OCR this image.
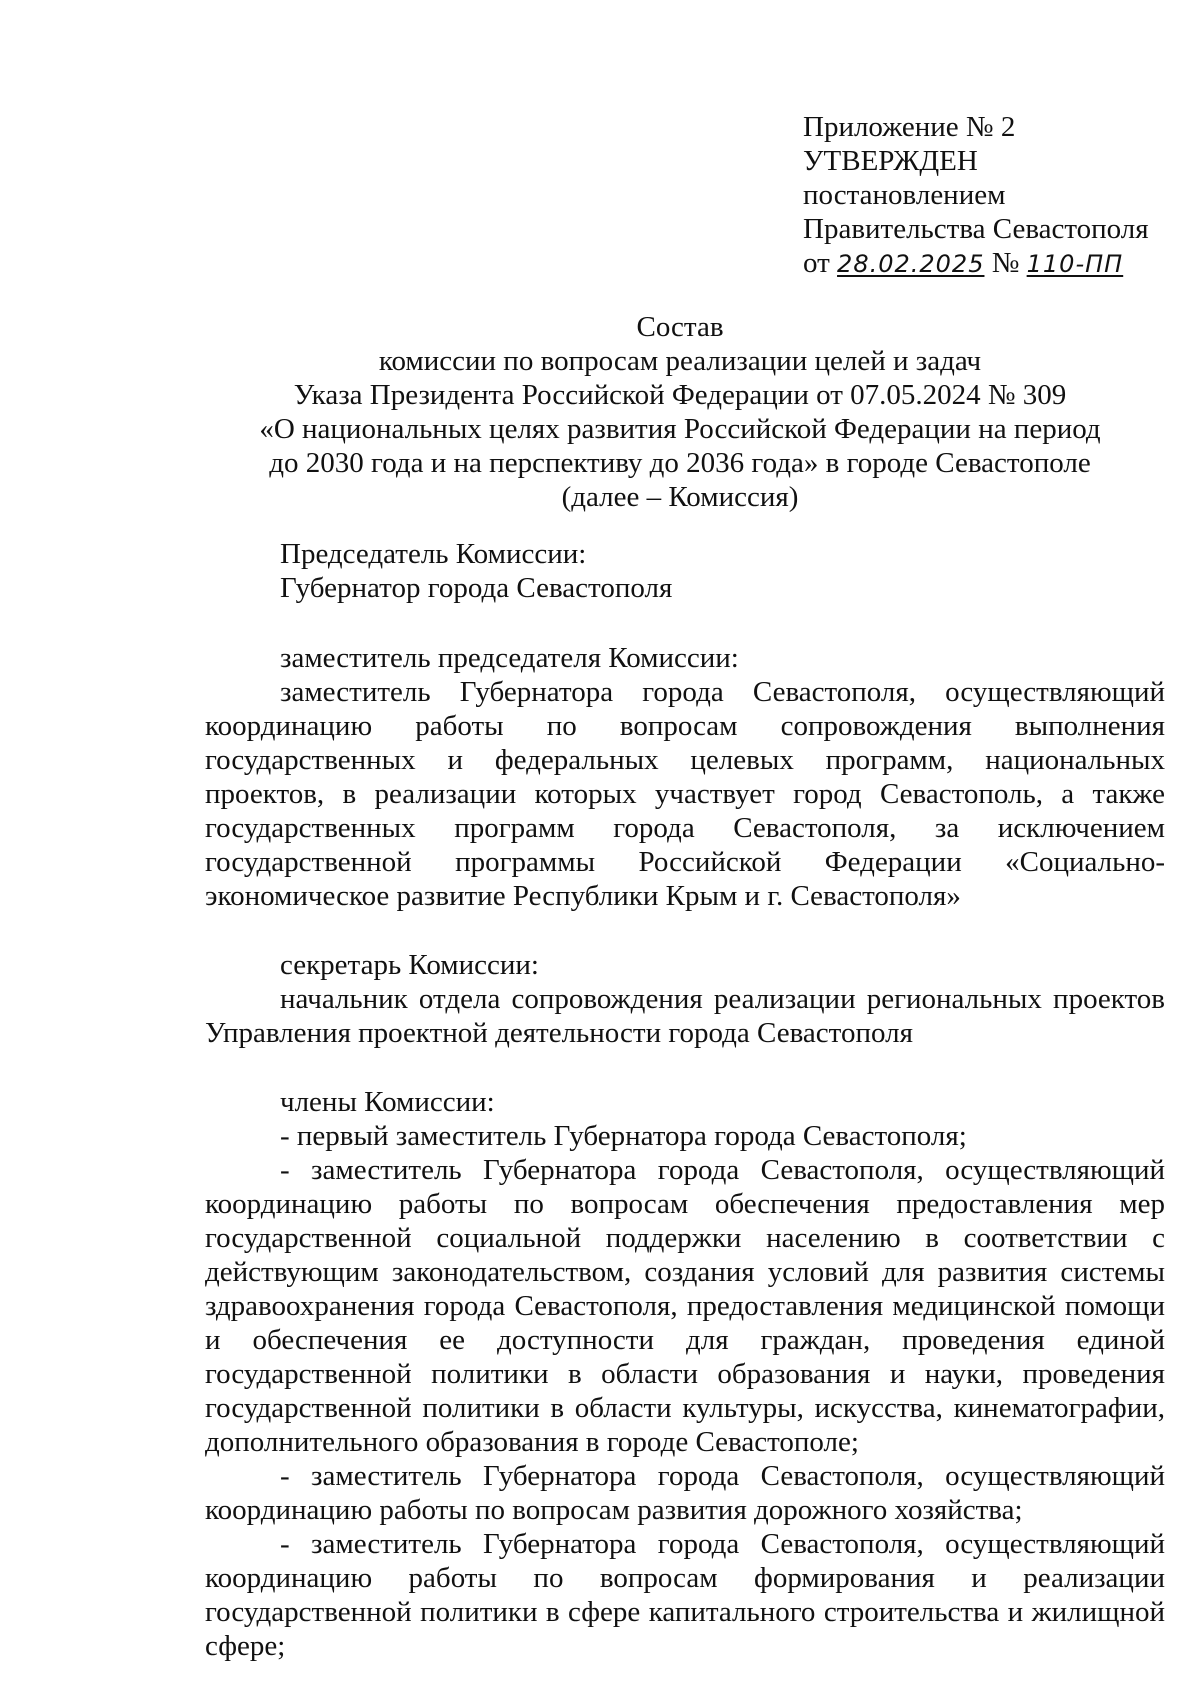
Приложение № 2
УТВЕРЖДЕН
постановлением
Правительства Севастополя
от 28.02.2025 № 110-ПП
Состав
комиссии по вопросам реализации целей и задач
Указа Президента Российской Федерации от 07.05.2024 № 309
«О национальных целях развития Российской Федерации на период
до 2030 года и на перспективу до 2036 года» в городе Севастополе
(далее – Комиссия)
Председатель Комиссии:
Губернатор города Севастополя
заместитель председателя Комиссии:

заместитель Губернатора города Севастополя, осуществляющий координацию работы по вопросам сопровождения выполнения государственных и федеральных целевых программ, национальных проектов, в реализации которых участвует город Севастополь, а также государственных программ города Севастополя, за исключением государственной программы Российской Федерации «Социально-экономическое развитие Республики Крым и г. Севастополя»

секретарь Комиссии:

начальник отдела сопровождения реализации региональных проектов Управления проектной деятельности города Севастополя

члены Комиссии:

- первый заместитель Губернатора города Севастополя;

- заместитель Губернатора города Севастополя, осуществляющий координацию работы по вопросам обеспечения предоставления мер государственной социальной поддержки населению в соответствии с действующим законодательством, создания условий для развития системы здравоохранения города Севастополя, предоставления медицинской помощи и обеспечения ее доступности для граждан, проведения единой государственной политики в области образования и науки, проведения государственной политики в области культуры, искусства, кинематографии, дополнительного образования в городе Севастополе;

- заместитель Губернатора города Севастополя, осуществляющий координацию работы по вопросам развития дорожного хозяйства;

- заместитель Губернатора города Севастополя, осуществляющий координацию работы по вопросам формирования и реализации государственной политики в сфере капитального строительства и жилищной сфере;
